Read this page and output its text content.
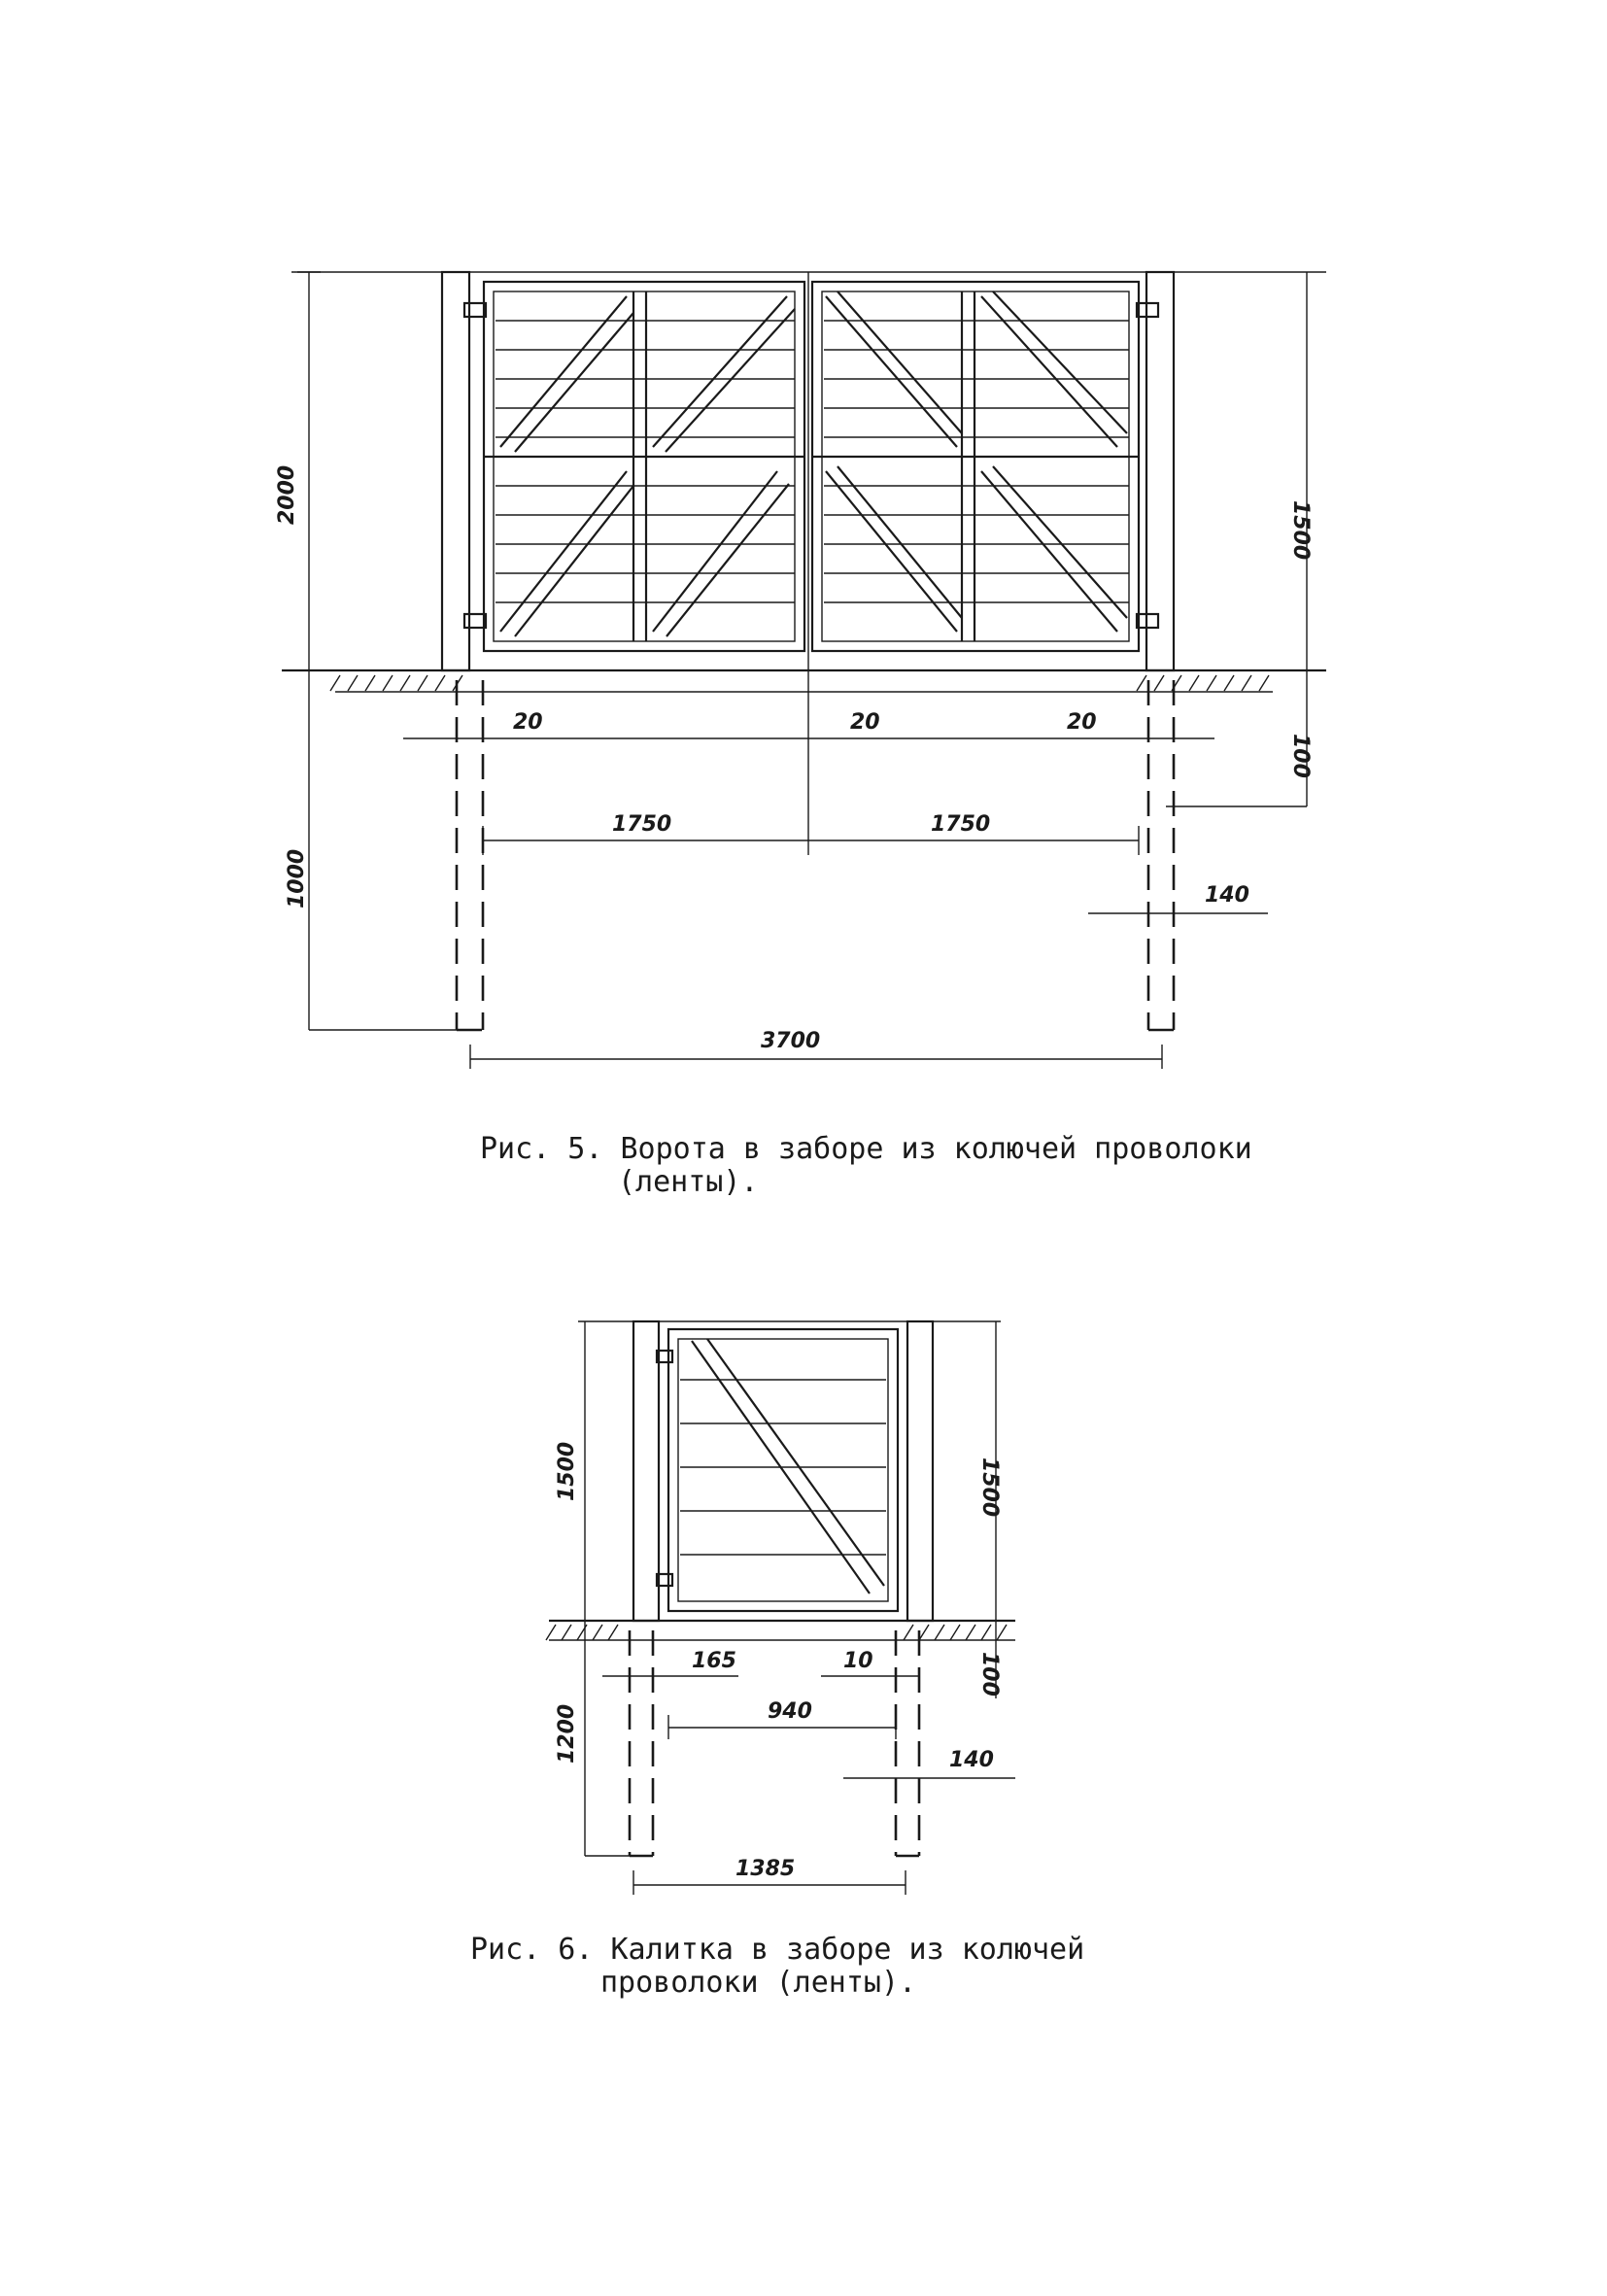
2000
1000
1500
100
20	20	20
1750	1750
140
3700
1500
1200
1500
100
165	10
940
140
1385
Рис. 5. Ворота в заборе из колючей проволоки
(ленты).
Рис. 6. Калитка в заборе из колючей
проволоки (ленты).
